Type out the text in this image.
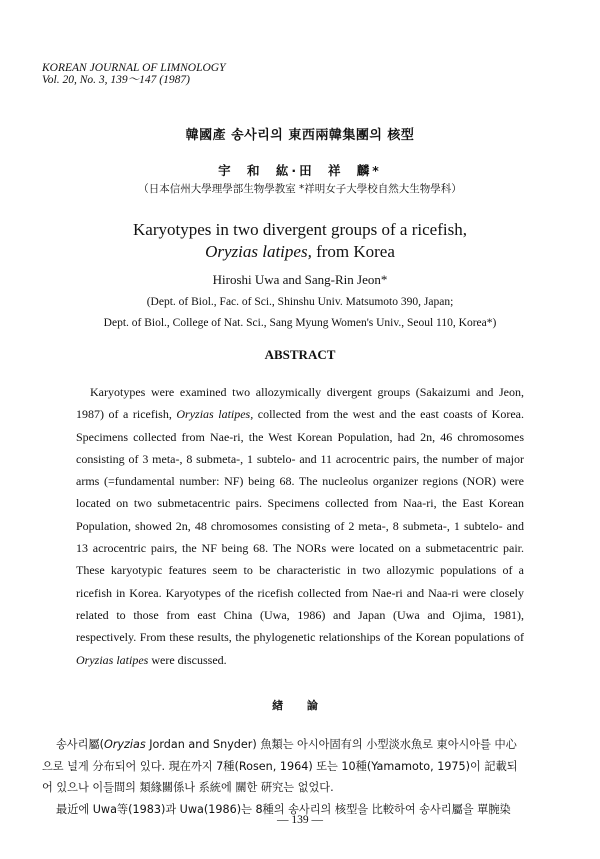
KOREAN JOURNAL OF LIMNOLOGY
Vol. 20, No. 3, 139～147 (1987)
韓國產 송사리의 東西兩韓集團의 核型
宇 和 紘·田 祥 麟*
（日本信州大學理學部生物學教室 *祥明女子大學校自然大生物學科）
Karyotypes in two divergent groups of a ricefish,
Oryzias latipes, from Korea
Hiroshi Uwa and Sang-Rin Jeon*
(Dept. of Biol., Fac. of Sci., Shinshu Univ. Matsumoto 390, Japan;
Dept. of Biol., College of Nat. Sci., Sang Myung Women's Univ., Seoul 110, Korea*)
ABSTRACT
Karyotypes were examined two allozymically divergent groups (Sakaizumi and Jeon, 1987) of a ricefish, Oryzias latipes, collected from the west and the east coasts of Korea. Specimens collected from Nae-ri, the West Korean Population, had 2n, 46 chromosomes consisting of 3 meta-, 8 submeta-, 1 subtelo- and 11 acrocentric pairs, the number of major arms (=fundamental number: NF) being 68. The nucleolus organizer regions (NOR) were located on two submetacentric pairs. Specimens collected from Naa-ri, the East Korean Population, showed 2n, 48 chromosomes consisting of 2 meta-, 8 submeta-, 1 subtelo- and 13 acrocentric pairs, the NF being 68. The NORs were located on a submetacentric pair. These karyotypic features seem to be characteristic in two allozymic populations of a ricefish in Korea. Karyotypes of the ricefish collected from Nae-ri and Naa-ri were closely related to those from east China (Uwa, 1986) and Japan (Uwa and Ojima, 1981), respectively. From these results, the phylogenetic relationships of the Korean populations of Oryzias latipes were discussed.
緖 論
송사리屬(Oryzias Jordan and Snyder) 魚類는 아시아固有의 小型淡水魚로 東아시아를 中心
으로 널게 分布되어 있다. 現在까지 7種(Rosen, 1964) 또는 10種(Yamamoto, 1975)이 記載되
어 있으나 이들間의 類緣關係나 系統에 關한 硏究는 없었다.
最近에 Uwa等(1983)과 Uwa(1986)는 8種의 송사리의 核型을 比較하여 송사리屬을 單腕染
— 139 —
